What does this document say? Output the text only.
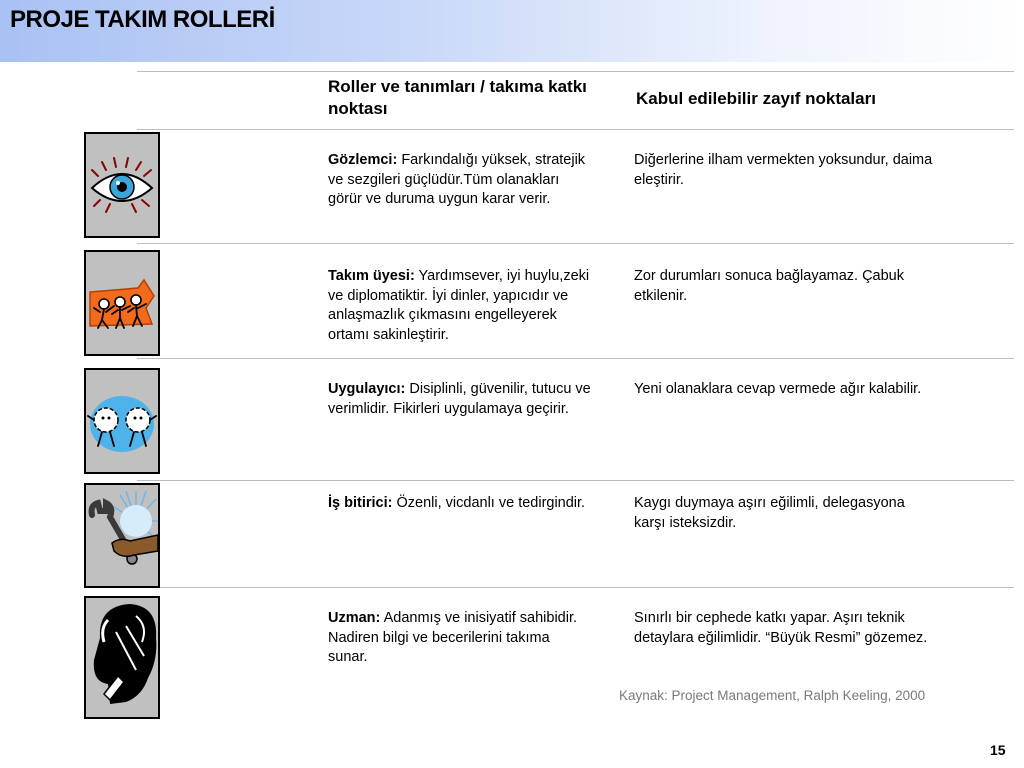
PROJE TAKIM ROLLERİ
Roller ve tanımları / takıma katkı noktası
Kabul edilebilir zayıf noktaları
Gözlemci: Farkındalığı yüksek, stratejik ve sezgileri güçlüdür.Tüm olanakları görür ve duruma uygun karar verir.
Diğerlerine ilham vermekten yoksundur, daima eleştirir.
Takım üyesi: Yardımsever, iyi huylu,zeki ve diplomatiktir. İyi dinler, yapıcıdır ve anlaşmazlık çıkmasını engelleyerek ortamı sakinleştirir.
Zor durumları sonuca bağlayamaz. Çabuk etkilenir.
Uygulayıcı: Disiplinli, güvenilir, tutucu ve verimlidir. Fikirleri uygulamaya geçirir.
Yeni olanaklara cevap vermede ağır kalabilir.
İş bitirici: Özenli, vicdanlı ve tedirgindir.	Kaygı duymaya aşırı eğilimli, delegasyona karşı isteksizdir.
Uzman: Adanmış ve inisiyatif sahibidir. Nadiren bilgi ve becerilerini takıma sunar.
Sınırlı bir cephede katkı yapar. Aşırı teknik detaylara eğilimlidir. “Büyük Resmi” gözemez.
Kaynak: Project Management, Ralph Keeling, 2000
15
